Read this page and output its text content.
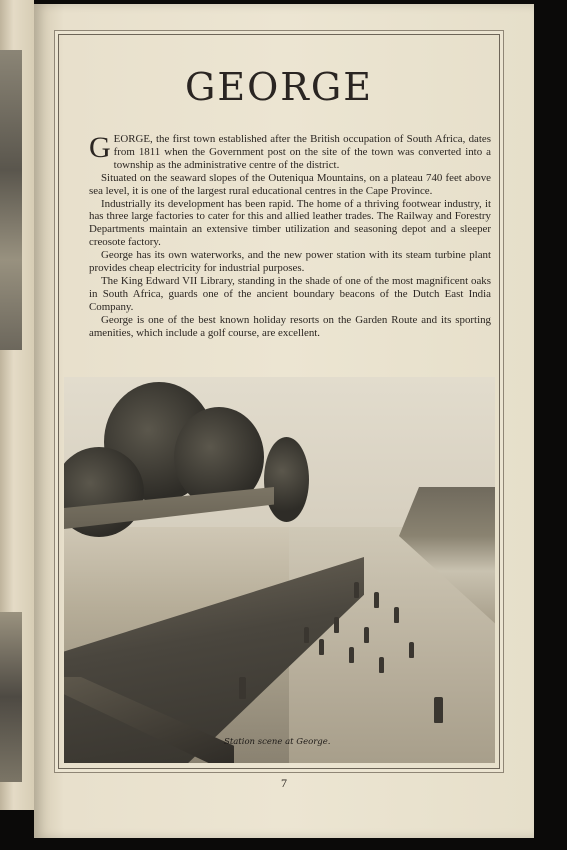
GEORGE

GEORGE, the first town established after the British occupation of South Africa, dates from 1811 when the Government post on the site of the town was converted into a township as the administrative centre of the district.

Situated on the seaward slopes of the Outeniqua Mountains, on a plateau 740 feet above sea level, it is one of the largest rural educational centres in the Cape Province.

Industrially its development has been rapid. The home of a thriving footwear industry, it has three large factories to cater for this and allied leather trades. The Railway and Forestry Departments maintain an extensive timber utilization and seasoning depot and a sleeper creosote factory.

George has its own waterworks, and the new power station with its steam turbine plant provides cheap electricity for industrial purposes.

The King Edward VII Library, standing in the shade of one of the most magnificent oaks in South Africa, guards one of the ancient boundary beacons of the Dutch East India Company.

George is one of the best known holiday resorts on the Garden Route and its sporting amenities, which include a golf course, are excellent.

Station scene at George.
7
